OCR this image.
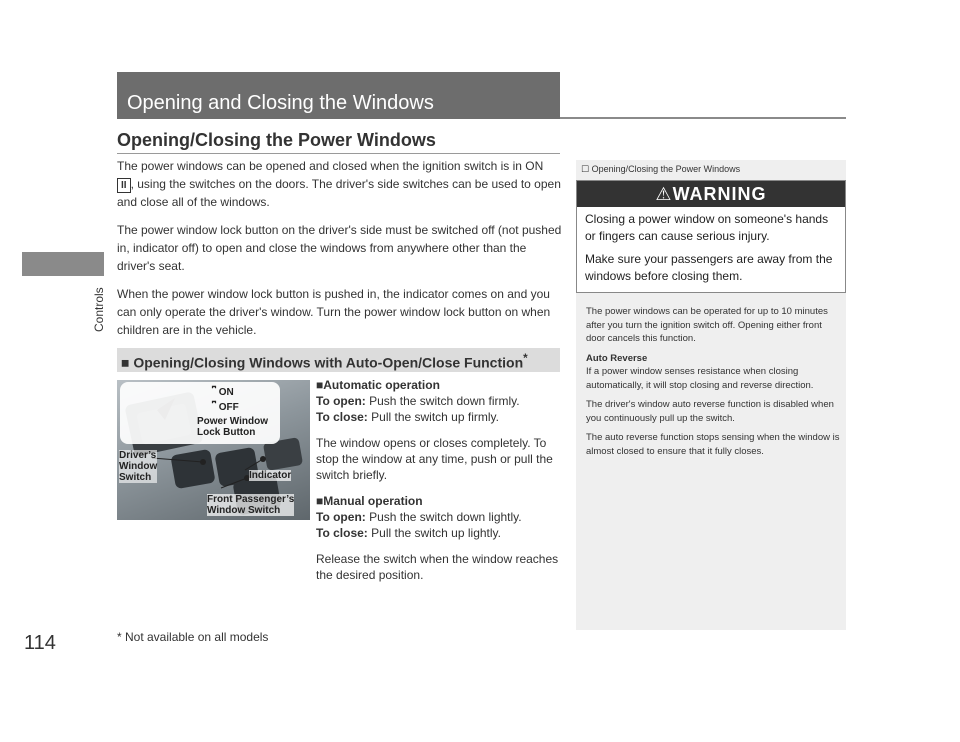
Controls
114	* Not available on all models
Opening and Closing the Windows
Opening/Closing the Power Windows

The power windows can be opened and closed when the ignition switch is in ON
II , using the switches on the doors. The driver's side switches can be used to open and close all of the windows.

The power window lock button on the driver's side must be switched off (not pushed in, indicator off) to open and close the windows from anywhere other than the driver's seat.

When the power window lock button is pushed in, the indicator comes on and you can only operate the driver's window. Turn the power window lock button on when children are in the vehicle.

■ Opening/Closing Windows with Auto-Open/Close Function*
⎴ ON
⎴ OFF
Power Window
Lock Button
Driver’s
Window
Switch	Indicator
Front Passenger’s
Window Switch

■Automatic operation

To open: Push the switch down firmly.

To close: Pull the switch up firmly.

The window opens or closes completely. To stop the window at any time, push or pull the switch briefly.

■Manual operation

To open: Push the switch down lightly.

To close: Pull the switch up lightly.

Release the switch when the window reaches the desired position.

☐ Opening/Closing the Power Windows
⚠WARNING

Closing a power window on someone's hands or fingers can cause serious injury.

Make sure your passengers are away from the windows before closing them.

The power windows can be operated for up to 10 minutes after you turn the ignition switch off. Opening either front door cancels this function.

Auto Reverse

If a power window senses resistance when closing automatically, it will stop closing and reverse direction.

The driver's window auto reverse function is disabled when you continuously pull up the switch.

The auto reverse function stops sensing when the window is almost closed to ensure that it fully closes.
